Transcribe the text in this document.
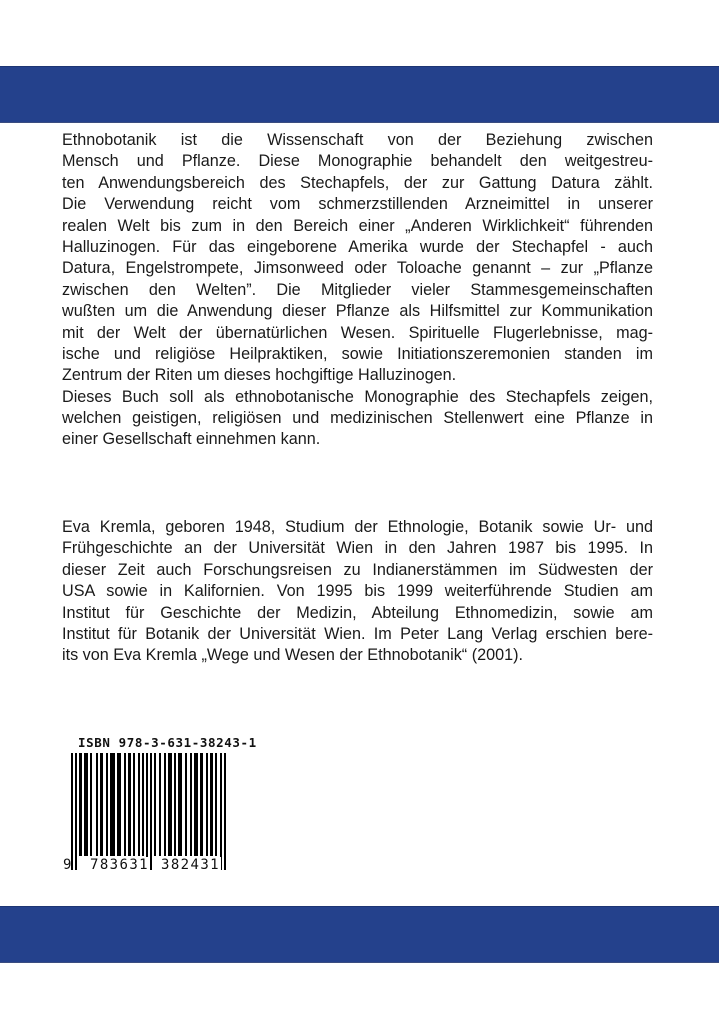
Ethnobotanik ist die Wissenschaft von der Beziehung zwischen
Mensch und Pflanze. Diese Monographie behandelt den weitgestreu-
ten Anwendungsbereich des Stechapfels, der zur Gattung Datura zählt.
Die Verwendung reicht vom schmerzstillenden Arzneimittel in unserer
realen Welt bis zum in den Bereich einer „Anderen Wirklichkeit“ führenden
Halluzinogen. Für das eingeborene Amerika wurde der Stechapfel - auch
Datura, Engelstrompete, Jimsonweed oder Toloache genannt – zur „Pflanze
zwischen den Welten”. Die Mitglieder vieler Stammesgemeinschaften
wußten um die Anwendung dieser Pflanze als Hilfsmittel zur Kommunikation
mit der Welt der übernatürlichen Wesen. Spirituelle Flugerlebnisse, mag-
ische und religiöse Heilpraktiken, sowie Initiationszeremonien standen im
Zentrum der Riten um dieses hochgiftige Halluzinogen.
Dieses Buch soll als ethnobotanische Monographie des Stechapfels zeigen,
welchen geistigen, religiösen und medizinischen Stellenwert eine Pflanze in
einer Gesellschaft einnehmen kann.
Eva Kremla, geboren 1948, Studium der Ethnologie, Botanik sowie Ur- und
Frühgeschichte an der Universität Wien in den Jahren 1987 bis 1995. In
dieser Zeit auch Forschungsreisen zu Indianerstämmen im Südwesten der
USA sowie in Kalifornien. Von 1995 bis 1999 weiterführende Studien am
Institut für Geschichte der Medizin, Abteilung Ethnomedizin, sowie am
Institut für Botanik der Universität Wien. Im Peter Lang Verlag erschien bere-
its von Eva Kremla „Wege und Wesen der Ethnobotanik“ (2001).
ISBN 978-3-631-38243-1
9 783631 382431
